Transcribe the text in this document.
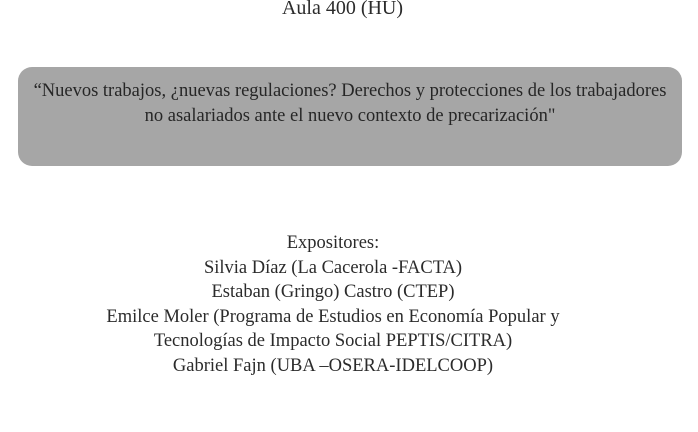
Aula 400 (HU)

“Nuevos trabajos, ¿nuevas regulaciones? Derechos y protecciones de los trabajadores no asalariados ante el nuevo contexto de precarización"

Expositores:

Silvia Díaz (La Cacerola -FACTA)

Estaban (Gringo) Castro (CTEP)

Emilce Moler (Programa de Estudios en Economía Popular y

Tecnologías de Impacto Social PEPTIS/CITRA)

Gabriel Fajn (UBA –OSERA-IDELCOOP)
